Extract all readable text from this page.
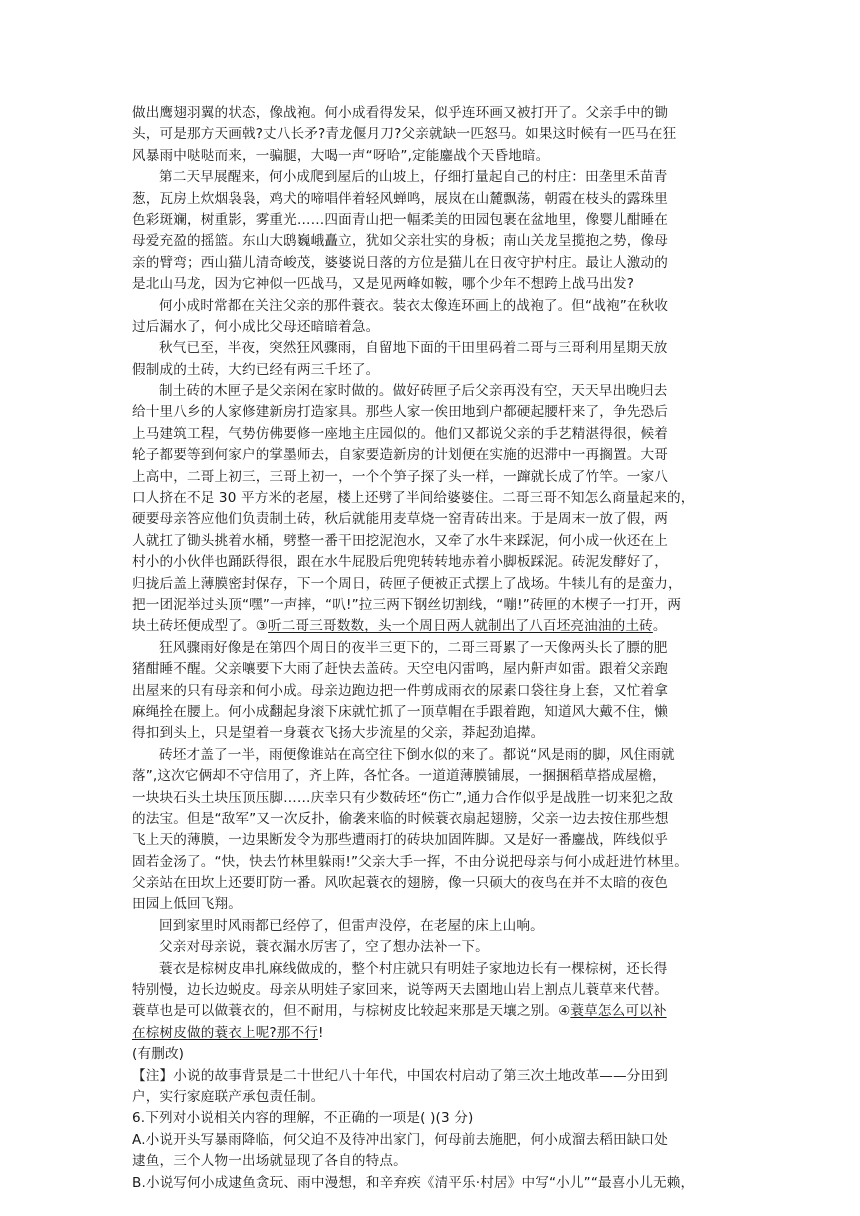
做出鹰翅羽翼的状态，像战袍。何小成看得发呆，似乎连环画又被打开了。父亲手中的锄
头，可是那方天画戟?丈八长矛?青龙偃月刀?父亲就缺一匹怒马。如果这时候有一匹马在狂
风暴雨中哒哒而来，一骗腿，大喝一声“呀哈”,定能鏖战个天昏地暗。
第二天早展醒来，何小成爬到屋后的山坡上，仔细打量起自己的村庄：田垄里禾苗青
葱，瓦房上炊烟袅袅，鸡犬的啼唱伴着轻风蝉鸣，展岚在山麓飘荡，朝霞在枝头的露珠里
色彩斑斓，树重影，雾重光……四面青山把一幅柔美的田园包裹在盆地里，像婴儿酣睡在
母爱充盈的摇篮。东山大鸱巍峨矗立，犹如父亲壮实的身板；南山关龙呈揽抱之势，像母
亲的臂弯；西山猫儿清奇峻茂，婆婆说日落的方位是猫儿在日夜守护村庄。最让人激动的
是北山马龙，因为它神似一匹战马，又是见两峰如鞍，哪个少年不想跨上战马出发?
何小成时常都在关注父亲的那件蓑衣。装衣太像连环画上的战袍了。但“战袍”在秋收
过后漏水了，何小成比父母还暗暗着急。
秋气已至，半夜，突然狂风骤雨，自留地下面的干田里码着二哥与三哥利用星期天放
假制成的土砖，大约已经有两三千坯了。
制土砖的木匣子是父亲闲在家时做的。做好砖匣子后父亲再没有空，天天早出晚归去
给十里八乡的人家修建新房打造家具。那些人家一俟田地到户都硬起腰杆来了，争先恐后
上马建筑工程，气势仿佛要修一座地主庄园似的。他们又都说父亲的手艺精湛得很，候着
轮子都要等到何家户的掌墨师去，自家要造新房的计划便在实施的迟滞中一再搁置。大哥
上高中，二哥上初三，三哥上初一，一个个笋子探了头一样，一蹿就长成了竹竿。一家八
口人挤在不足 30 平方米的老屋，楼上还劈了半间给婆婆住。二哥三哥不知怎么商量起来的，
硬要母亲答应他们负责制土砖，秋后就能用麦草烧一窑青砖出来。于是周末一放了假，两
人就扛了锄头挑着水桶，劈整一番干田挖泥泡水，又牵了水牛来踩泥，何小成一伙还在上
村小的小伙伴也踊跃得很，跟在水牛屁股后兜兜转转地赤着小脚板踩泥。砖泥发酵好了，
归拢后盖上薄膜密封保存，下一个周日，砖匣子便被正式摆上了战场。牛犊儿有的是蛮力，
把一团泥举过头顶“嘿”一声摔，“叭!”拉三两下钢丝切割线，“嘣!”砖匣的木楔子一打开，两
块土砖坯便成型了。③听二哥三哥数数，头一个周日两人就制出了八百坯亮油油的土砖。
狂风骤雨好像是在第四个周日的夜半三更下的，二哥三哥累了一天像两头长了膘的肥
猪酣睡不醒。父亲嚷要下大雨了赶快去盖砖。天空电闪雷鸣，屋内鼾声如雷。跟着父亲跑
出屋来的只有母亲和何小成。母亲边跑边把一件剪成雨衣的尿素口袋往身上套，又忙着拿
麻绳拴在腰上。何小成翻起身滚下床就忙抓了一顶草帽在手跟着跑，知道风大戴不住，懒
得扣到头上，只是望着一身蓑衣飞扬大步流星的父亲，莽起劲追撵。
砖坯才盖了一半，雨便像谁站在高空往下倒水似的来了。都说“风是雨的脚，风住雨就
落”,这次它俩却不守信用了，齐上阵，各忙各。一道道薄膜铺展，一捆捆稻草搭成屋檐，
一块块石头土块压顶压脚……庆幸只有少数砖坯“伤亡”,通力合作似乎是战胜一切来犯之敌
的法宝。但是“敌军”又一次反扑，偷袭来临的时候蓑衣扇起翅膀，父亲一边去按住那些想
飞上天的薄膜，一边果断发令为那些遭雨打的砖块加固阵脚。又是好一番鏖战，阵线似乎
固若金汤了。“快，快去竹林里躲雨!”父亲大手一挥，不由分说把母亲与何小成赶进竹林里。
父亲站在田坎上还要盯防一番。风吹起蓑衣的翅膀，像一只硕大的夜鸟在并不太暗的夜色
田园上低回飞翔。
回到家里时风雨都已经停了，但雷声没停，在老屋的床上山响。
父亲对母亲说，蓑衣漏水厉害了，空了想办法补一下。
蓑衣是棕树皮串扎麻线做成的，整个村庄就只有明娃子家地边长有一棵棕树，还长得
特别慢，边长边蜕皮。母亲从明娃子家回来，说等两天去園地山岩上割点儿蓑草来代替。
蓑草也是可以做蓑衣的，但不耐用，与棕树皮比较起来那是天壤之别。④蓑草怎么可以补
在棕树皮做的蓑衣上呢?那不行!
(有删改)
【注】小说的故事背景是二十世纪八十年代，中国农村启动了第三次土地改革——分田到
户，实行家庭联产承包责任制。
6.下列对小说相关内容的理解，不正确的一项是( )(3 分)
A.小说开头写暴雨降临，何父迫不及待冲出家门，何母前去施肥，何小成溜去稻田缺口处
逮鱼，三个人物一出场就显现了各自的特点。
B.小说写何小成逮鱼贪玩、雨中漫想，和辛弃疾《清平乐·村居》中写“小儿”“最喜小儿无赖，
